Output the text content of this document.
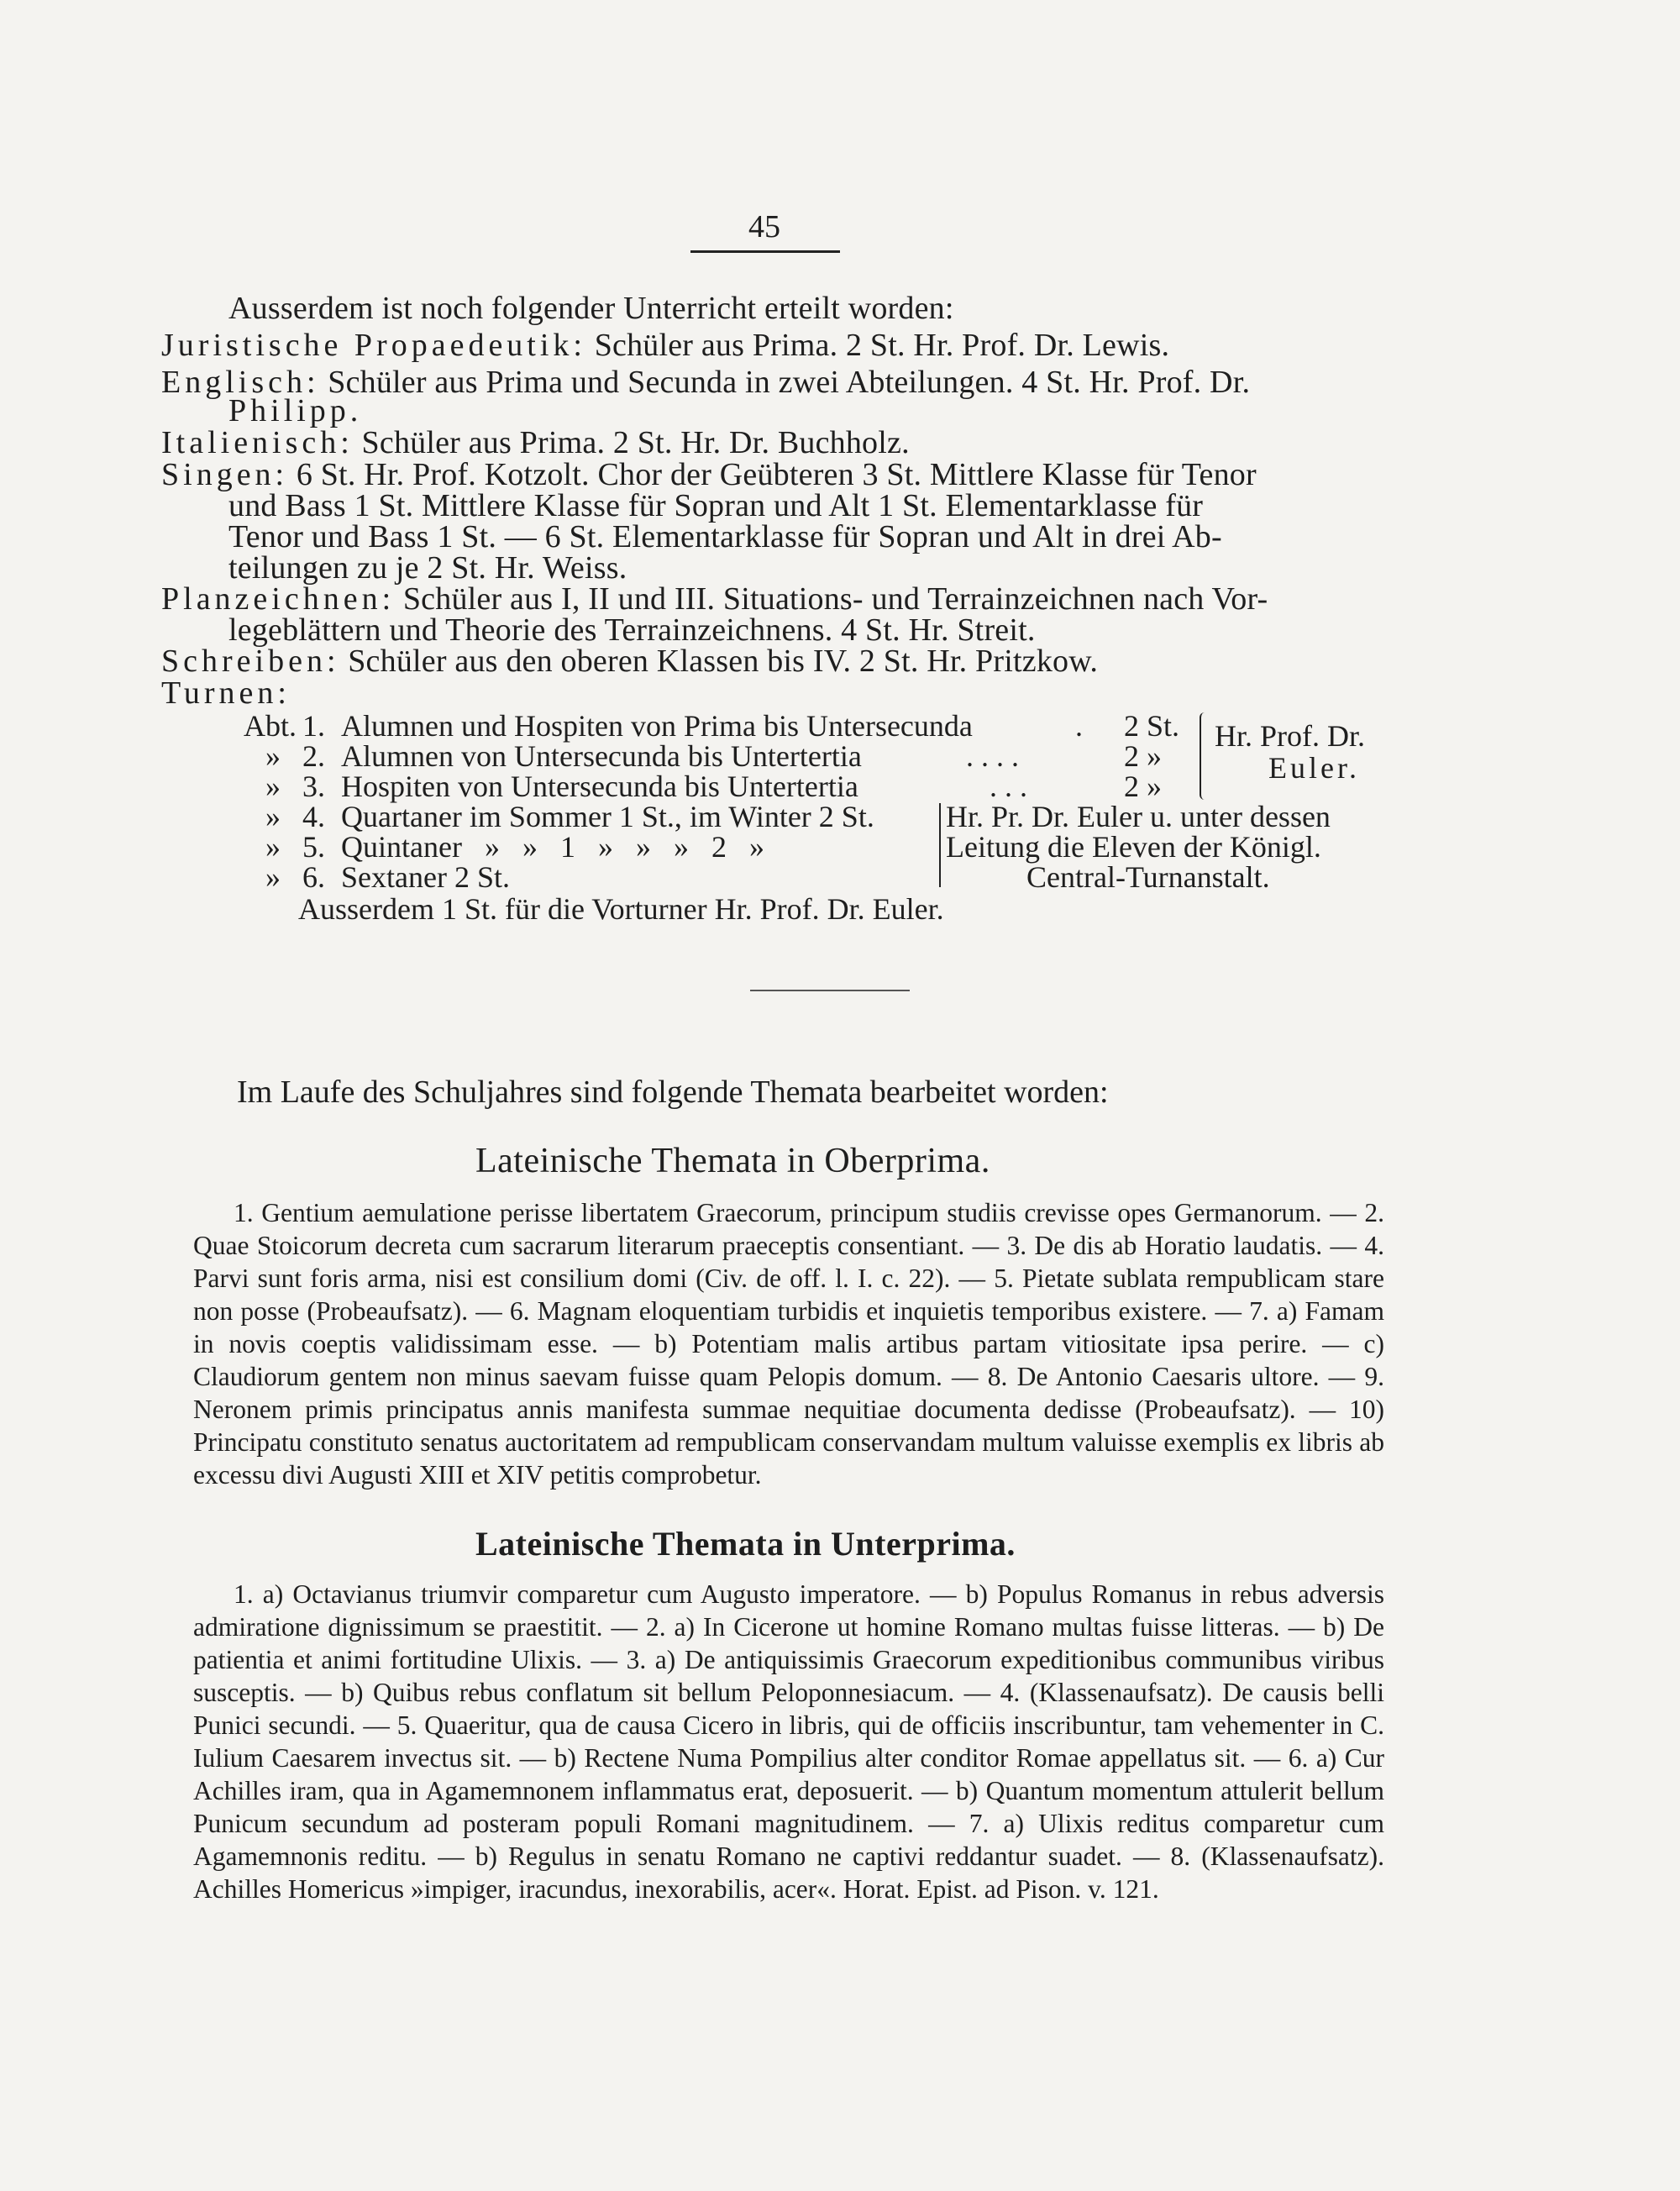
45
Ausserdem ist noch folgender Unterricht erteilt worden:
Juristische Propaedeutik: Schüler aus Prima. 2 St. Hr. Prof. Dr. Lewis.
Englisch: Schüler aus Prima und Secunda in zwei Abteilungen. 4 St. Hr. Prof. Dr.
Philipp.
Italienisch: Schüler aus Prima. 2 St. Hr. Dr. Buchholz.
Singen: 6 St. Hr. Prof. Kotzolt. Chor der Geübteren 3 St. Mittlere Klasse für Tenor
und Bass 1 St. Mittlere Klasse für Sopran und Alt 1 St. Elementarklasse für
Tenor und Bass 1 St. — 6 St. Elementarklasse für Sopran und Alt in drei Ab-
teilungen zu je 2 St. Hr. Weiss.
Planzeichnen: Schüler aus I, II und III. Situations- und Terrainzeichnen nach Vor-
legeblättern und Theorie des Terrainzeichnens. 4 St. Hr. Streit.
Schreiben: Schüler aus den oberen Klassen bis IV. 2 St. Hr. Pritzkow.
Turnen:
Abt. 1. Alumnen und Hospiten von Prima bis Untersecunda	. 2 St.
» 2. Alumnen von Untersecunda bis Untertertia	. . . .	2 »
» 3. Hospiten von Untersecunda bis Untertertia	. . .	2 »
Hr. Prof. Dr.
Euler.
» 4. Quartaner im Sommer 1 St., im Winter 2 St.
» 5. Quintaner » » 1 » » » 2 »
» 6. Sextaner 2 St.
Hr. Pr. Dr. Euler u. unter dessen
Leitung die Eleven der Königl.
Central-Turnanstalt.
Ausserdem 1 St. für die Vorturner Hr. Prof. Dr. Euler.
Im Laufe des Schuljahres sind folgende Themata bearbeitet worden:
Lateinische Themata in Oberprima.
1. Gentium aemulatione perisse libertatem Graecorum, principum studiis crevisse opes Germanorum. — 2. Quae Stoicorum decreta cum sacrarum literarum praeceptis consentiant. — 3. De dis ab Horatio laudatis. — 4. Parvi sunt foris arma, nisi est consilium domi (Civ. de off. l. I. c. 22). — 5. Pietate sublata rempublicam stare non posse (Probeaufsatz). — 6. Magnam eloquentiam turbidis et inquietis temporibus existere. — 7. a) Famam in novis coeptis validissimam esse. — b) Potentiam malis artibus partam vitiositate ipsa perire. — c) Claudiorum gentem non minus saevam fuisse quam Pelopis domum. — 8. De Antonio Caesaris ultore. — 9. Neronem primis principatus annis manifesta summae nequitiae documenta dedisse (Probeaufsatz). — 10) Principatu constituto senatus auctoritatem ad rempublicam conservandam multum valuisse exemplis ex libris ab excessu divi Augusti XIII et XIV petitis comprobetur.
Lateinische Themata in Unterprima.
1. a) Octavianus triumvir comparetur cum Augusto imperatore. — b) Populus Romanus in rebus adversis admiratione dignissimum se praestitit. — 2. a) In Cicerone ut homine Romano multas fuisse litteras. — b) De patientia et animi fortitudine Ulixis. — 3. a) De antiquissimis Graecorum expeditionibus communibus viribus susceptis. — b) Quibus rebus conflatum sit bellum Peloponnesiacum. — 4. (Klassenaufsatz). De causis belli Punici secundi. — 5. Quaeritur, qua de causa Cicero in libris, qui de officiis inscribuntur, tam vehementer in C. Iulium Caesarem invectus sit. — b) Rectene Numa Pompilius alter conditor Romae appellatus sit. — 6. a) Cur Achilles iram, qua in Agamemnonem inflammatus erat, deposuerit. — b) Quantum momentum attulerit bellum Punicum secundum ad posteram populi Romani magnitudinem. — 7. a) Ulixis reditus comparetur cum Agamemnonis reditu. — b) Regulus in senatu Romano ne captivi reddantur suadet. — 8. (Klassenaufsatz). Achilles Homericus »impiger, iracundus, inexorabilis, acer«. Horat. Epist. ad Pison. v. 121.
